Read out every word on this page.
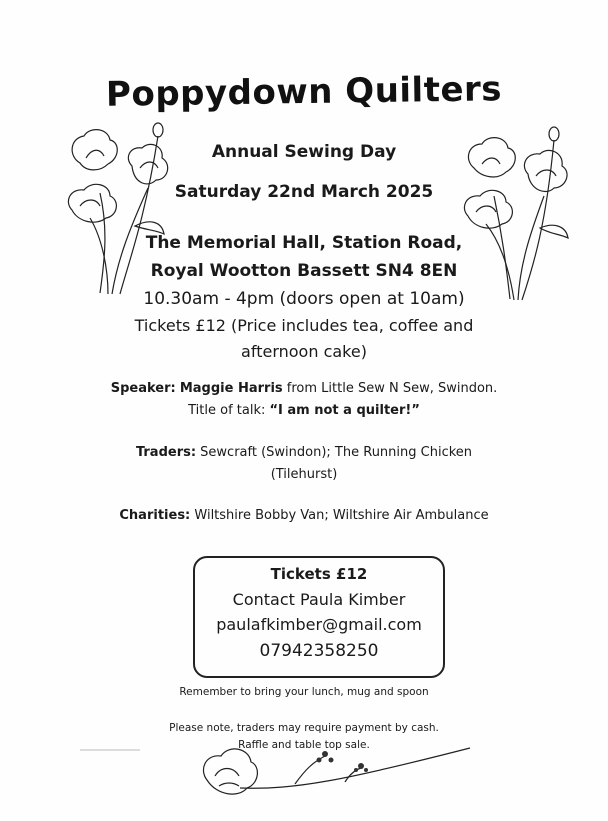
Poppydown Quilters
Annual Sewing Day
Saturday 22nd March 2025
The Memorial Hall, Station Road,
Royal Wootton Bassett SN4 8EN
10.30am - 4pm (doors open at 10am)
Tickets £12 (Price includes tea, coffee and
afternoon cake)
Speaker: Maggie Harris from Little Sew N Sew, Swindon.
Title of talk: “I am not a quilter!”
Traders: Sewcraft (Swindon); The Running Chicken
(Tilehurst)
Charities: Wiltshire Bobby Van; Wiltshire Air Ambulance
Tickets £12
Contact Paula Kimber
paulafkimber@gmail.com
07942358250
Remember to bring your lunch, mug and spoon
Please note, traders may require payment by cash.
Raffle and table top sale.
